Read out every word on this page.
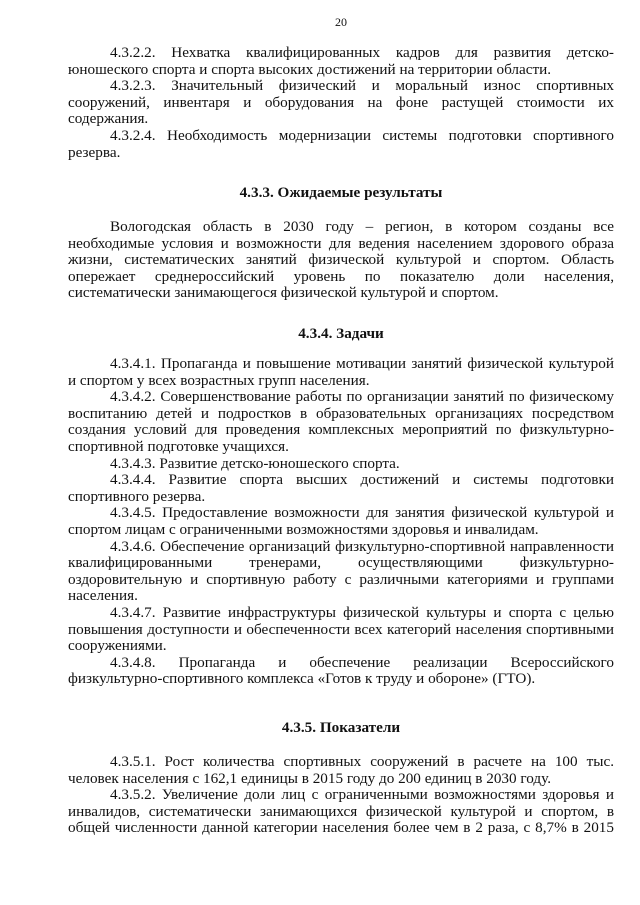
20

4.3.2.2. Нехватка квалифицированных кадров для развития детско-юношеского спорта и спорта высоких достижений на территории области.

4.3.2.3. Значительный физический и моральный износ спортивных сооружений, инвентаря и оборудования на фоне растущей стоимости их содержания.

4.3.2.4. Необходимость модернизации системы подготовки спортивного резерва.

4.3.3. Ожидаемые результаты

Вологодская область в 2030 году – регион, в котором созданы все необходимые условия и возможности для ведения населением здорового образа жизни, систематических занятий физической культурой и спортом. Область опережает среднероссийский уровень по показателю доли населения, систематически занимающегося физической культурой и спортом.

4.3.4. Задачи

4.3.4.1. Пропаганда и повышение мотивации занятий физической культурой и спортом у всех возрастных групп населения.

4.3.4.2. Совершенствование работы по организации занятий по физическому воспитанию детей и подростков в образовательных организациях посредством создания условий для проведения комплексных мероприятий по физкультурно-спортивной подготовке учащихся.

4.3.4.3. Развитие детско-юношеского спорта.

4.3.4.4. Развитие спорта высших достижений и системы подготовки спортивного резерва.

4.3.4.5. Предоставление возможности для занятия физической культурой и спортом лицам с ограниченными возможностями здоровья и инвалидам.

4.3.4.6. Обеспечение организаций физкультурно-спортивной направленности квалифицированными тренерами, осуществляющими физкультурно-оздоровительную и спортивную работу с различными категориями и группами населения.

4.3.4.7. Развитие инфраструктуры физической культуры и спорта с целью повышения доступности и обеспеченности всех категорий населения спортивными сооружениями.

4.3.4.8. Пропаганда и обеспечение реализации Всероссийского физкультурно-спортивного комплекса «Готов к труду и обороне» (ГТО).

4.3.5. Показатели

4.3.5.1. Рост количества спортивных сооружений в расчете на 100 тыс. человек населения с 162,1 единицы в 2015 году до 200 единиц в 2030 году.

4.3.5.2. Увеличение доли лиц с ограниченными возможностями здоровья и инвалидов, систематически занимающихся физической культурой и спортом, в общей численности данной категории населения более чем в 2 раза, с 8,7% в 2015
